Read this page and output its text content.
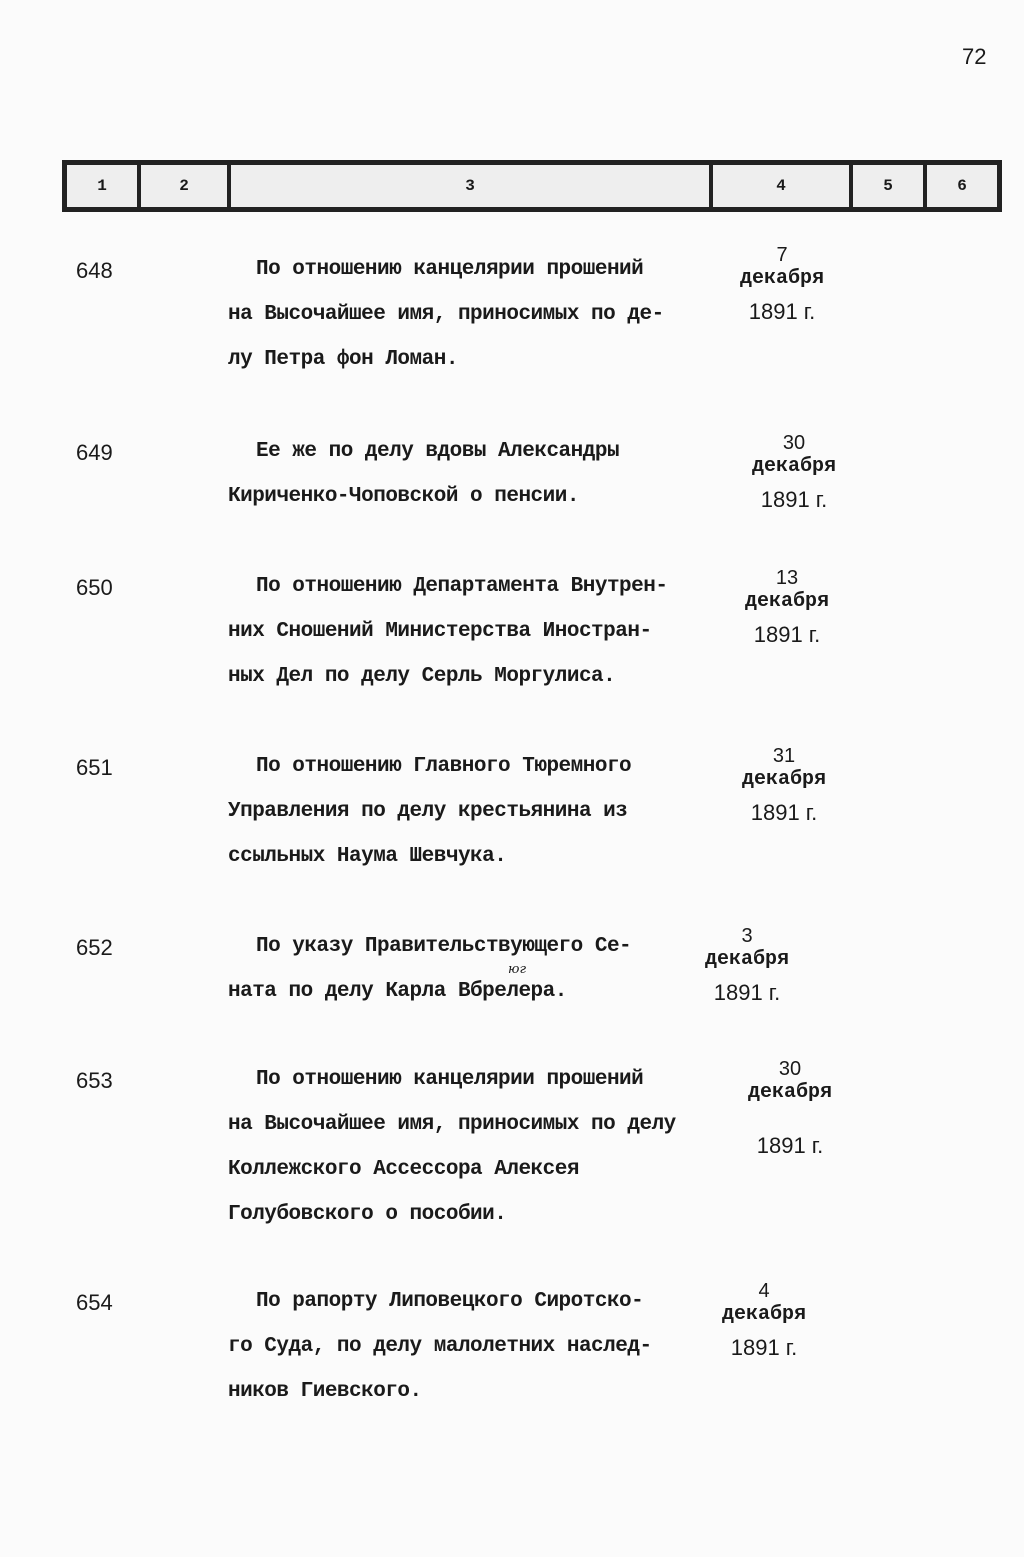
72
1	2	3	4	5	6
648	По отношению канцелярии прошений
на Высочайшее имя, приносимых по де-
лу Петра фон Ломан.
7
декабря
1891 г.
649	Ее же по делу вдовы Александры
Кириченко-Чоповской о пенсии.
30
декабря
1891 г.
650	По отношению Департамента Внутрен-
них Сношений Министерства Иностран-
ных Дел по делу Серль Моргулиса.
13
декабря
1891 г.
651	По отношению Главного Тюремного
Управления по делу крестьянина из
ссыльных Наума Шевчука.
31
декабря
1891 г.
652	По указу Правительствующего Се-
ната по делу Карла Вбрелера.
юг
3
декабря
1891 г.
653	По отношению канцелярии прошений
на Высочайшее имя, приносимых по делу
Коллежского Ассессора Алексея
Голубовского о пособии.
30
декабря
1891 г.
654	По рапорту Липовецкого Сиротско-
го Суда, по делу малолетних наслед-
ников Гиевского.
4
декабря
1891 г.
